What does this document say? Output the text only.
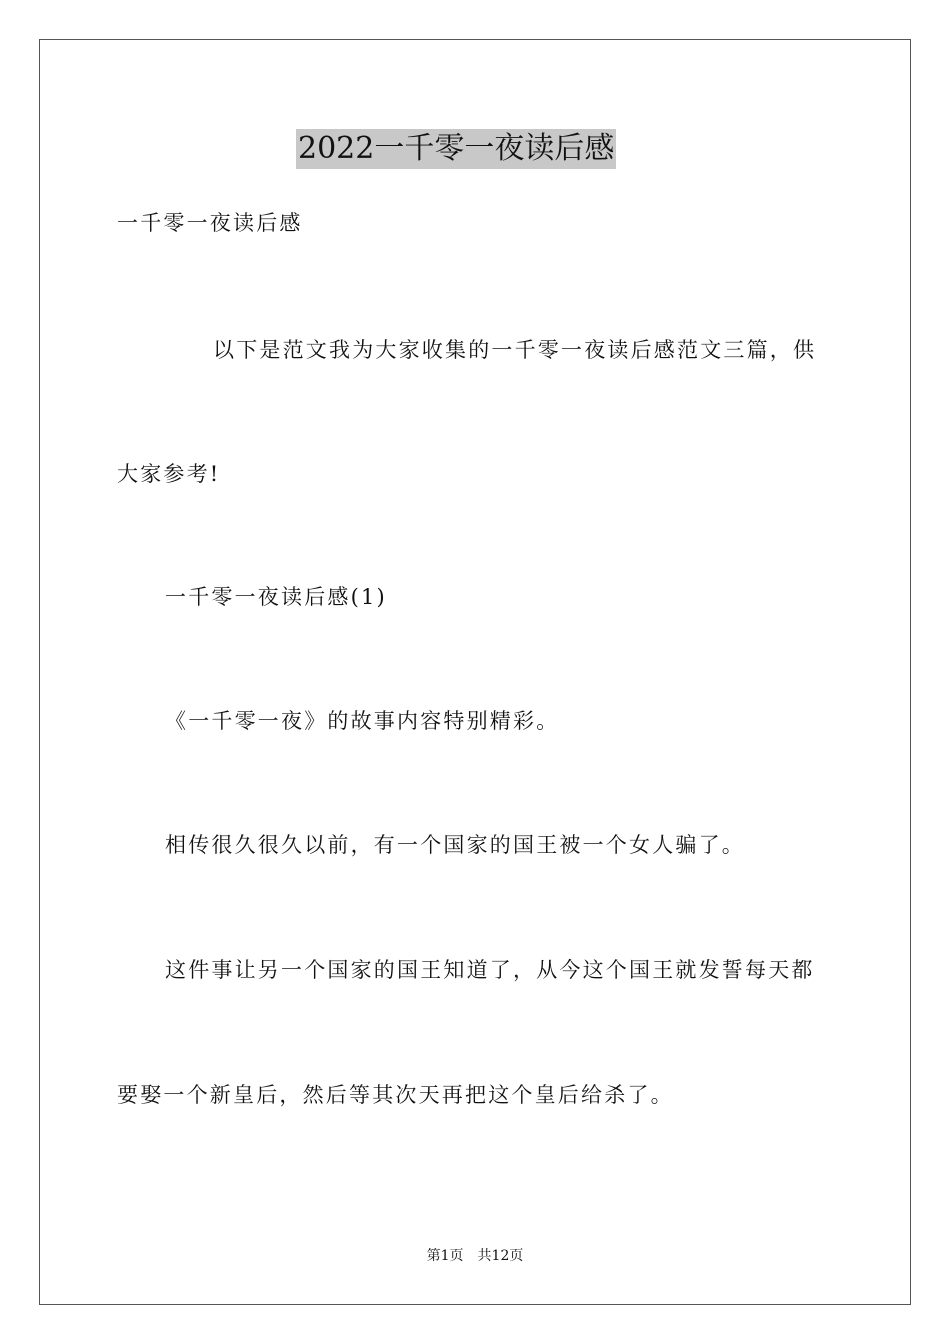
2022一千零一夜读后感
一千零一夜读后感
以下是范文我为大家收集的一千零一夜读后感范文三篇，供
大家参考!
一千零一夜读后感(1)
《一千零一夜》的故事内容特别精彩。
相传很久很久以前，有一个国家的国王被一个女人骗了。
这件事让另一个国家的国王知道了，从今这个国王就发誓每天都
要娶一个新皇后，然后等其次天再把这个皇后给杀了。
第1页 共12页
